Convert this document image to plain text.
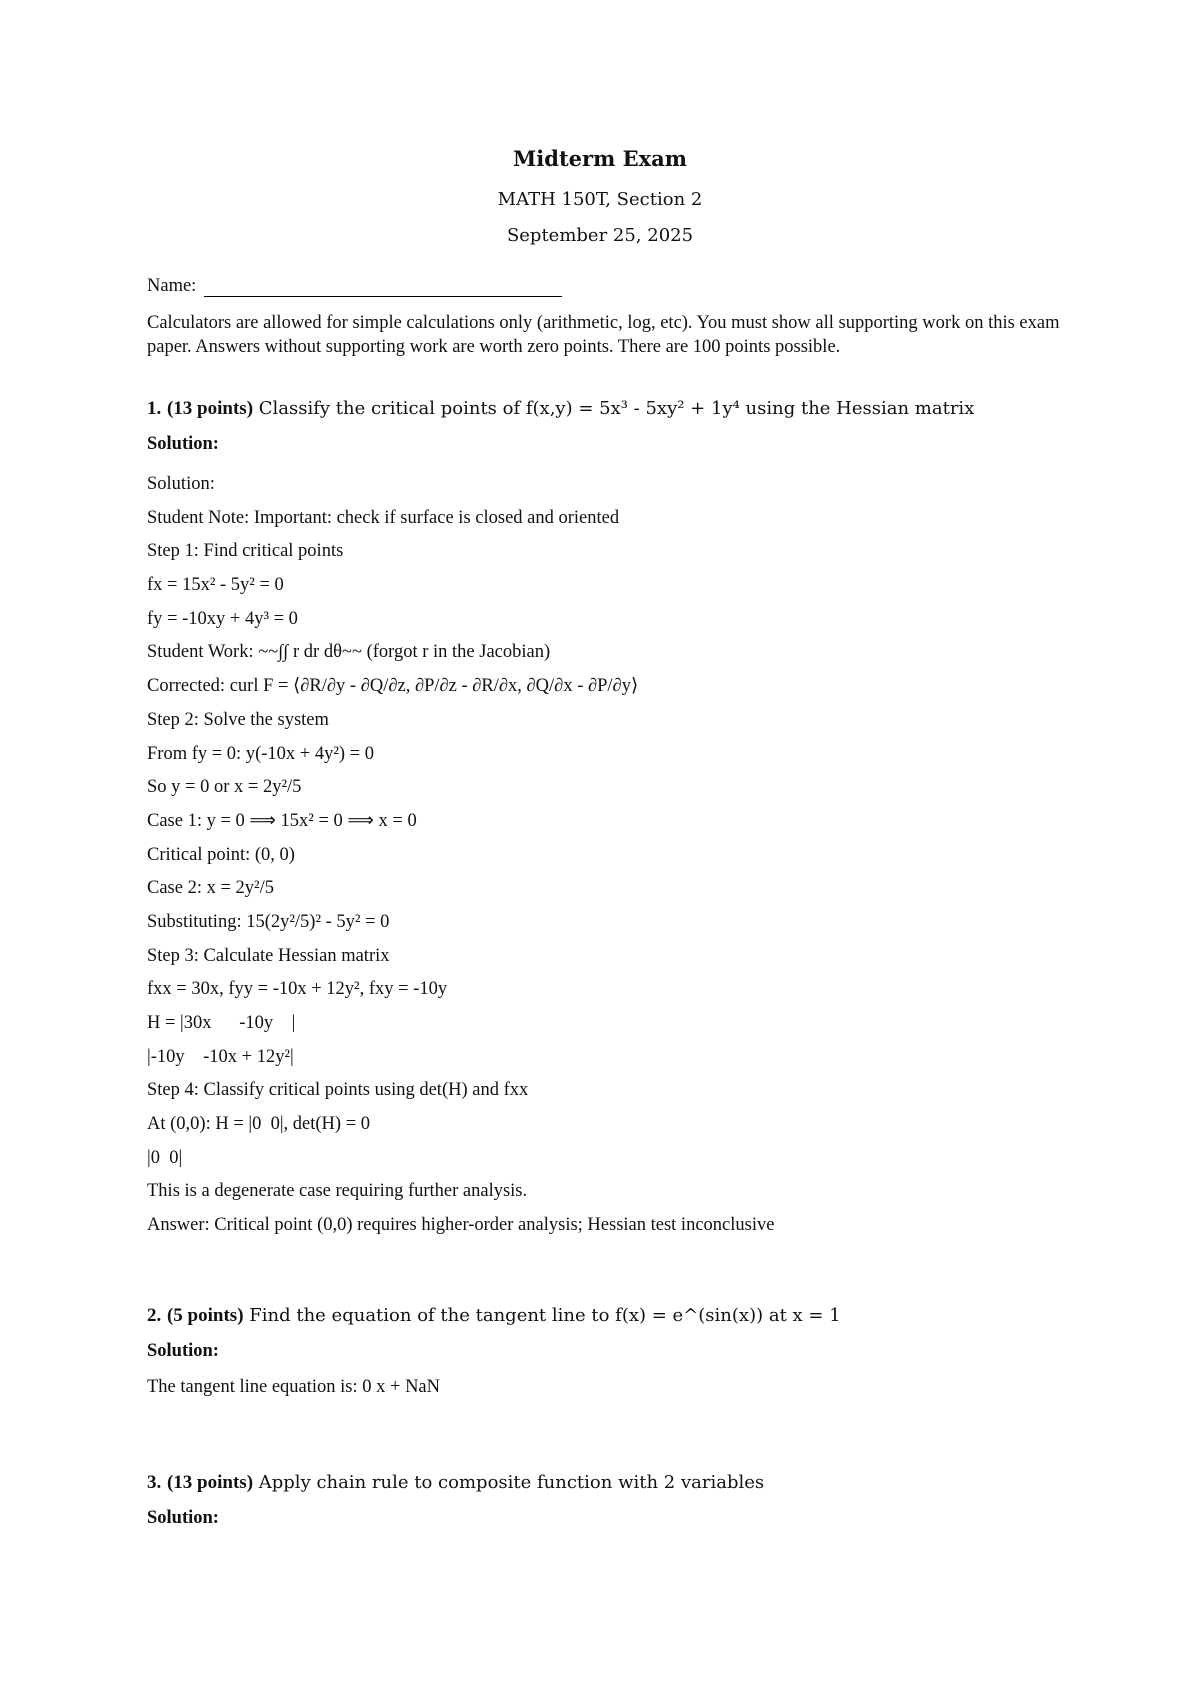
Midterm Exam
MATH 150T, Section 2
September 25, 2025
Name:
Calculators are allowed for simple calculations only (arithmetic, log, etc). You must show all supporting work on this exam paper. Answers without supporting work are worth zero points. There are 100 points possible.
1. (13 points) Classify the critical points of f(x,y) = 5x³ - 5xy² + 1y⁴ using the Hessian matrix
Solution:
Solution:
Student Note: Important: check if surface is closed and oriented
Step 1: Find critical points
fx = 15x² - 5y² = 0
fy = -10xy + 4y³ = 0
Student Work: ~~∫∫ r dr dθ~~ (forgot r in the Jacobian)
Corrected: curl F = ⟨∂R/∂y - ∂Q/∂z, ∂P/∂z - ∂R/∂x, ∂Q/∂x - ∂P/∂y⟩
Step 2: Solve the system
From fy = 0: y(-10x + 4y²) = 0
So y = 0 or x = 2y²/5
Case 1: y = 0 ⟹ 15x² = 0 ⟹ x = 0
Critical point: (0, 0)
Case 2: x = 2y²/5
Substituting: 15(2y²/5)² - 5y² = 0
Step 3: Calculate Hessian matrix
fxx = 30x, fyy = -10x + 12y², fxy = -10y
H = |30x      -10y    |
|-10y    -10x + 12y²|
Step 4: Classify critical points using det(H) and fxx
At (0,0): H = |0  0|, det(H) = 0
|0  0|
This is a degenerate case requiring further analysis.
Answer: Critical point (0,0) requires higher-order analysis; Hessian test inconclusive
2. (5 points) Find the equation of the tangent line to f(x) = e^(sin(x)) at x = 1
Solution:
The tangent line equation is: 0 x + NaN
3. (13 points) Apply chain rule to composite function with 2 variables
Solution:
